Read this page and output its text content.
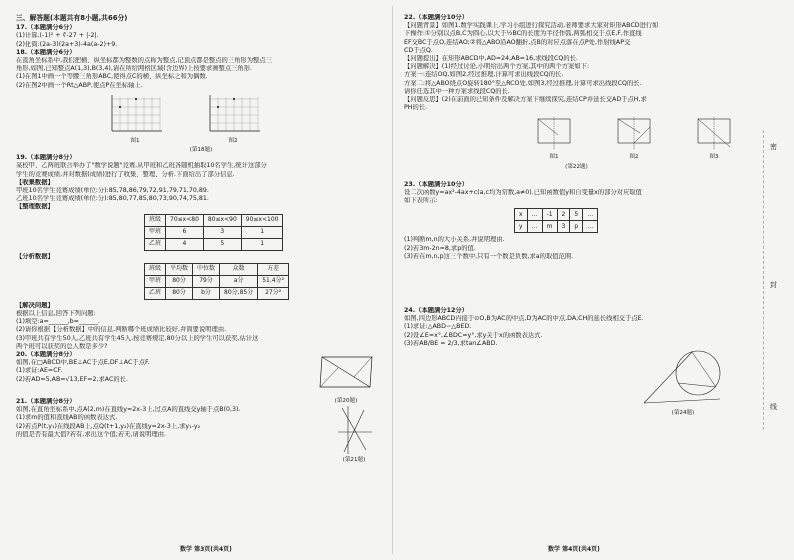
三、解答题(本题共有8小题,共66分)
17.（本题满分6分）
(1)计算,(-1)² + ∛-27 + |-2|.
(2)化简:(2a-3)(2a+3)-4a(a-2)+9.
18.（本题满分6分）
在直角坐标系中,我们把横、纵坐标都为整数的点称为整点,记顶点都是整点的三角形为整点三
角形,如图,已知整点A(1,3),B(3,4),请在所给网格区域(含边界)上按要求画整点三角形.
(1)在图1中画一个等腰三角形ABC,使得点C的横、纵坐标之和为偶数.
(2)在图2中画一个Rt△ABP,使点P在坐标轴上.
图1	图2
(第18题)
19.（本题满分8分）
某校甲、乙两班联合举办了"数学说题"竞赛,从甲班和乙班各随机抽取10名学生,统计这部分
学生的竞赛成绩,并对数据(成绩)进行了收集、整理、分析.下面给出了部分信息.
【收集数据】
甲班10名学生竞赛成绩(单位:分):85,78,86,79,72,91,79,71,70,89.
乙班10名学生竞赛成绩(单位:分):85,80,77,85,80,73,90,74,75,81.
【整理数据】
班级	70≤x<80	80≤x<90	90≤x<100
甲班	6	3	1
乙班	4	5	1
【分析数据】
班级	平均数	中位数	众数	方差
甲班	80分	79分	a分	51.4分²
乙班	80分	b分	80分,85分	27分²
【解决问题】
根据以上信息,回答下列问题:
(1)填空:a=______,b=______.
(2)请你根据【分析数据】中的信息,判断哪个班成绩比较好,并简要说明理由.
(3)甲班共有学生50人,乙班共有学生45人,按竞赛规定,80分以上的学生可以获奖,估计这
两个班可以获奖的总人数是多少?
20.（本题满分8分）
如图,在□ABCD中,BE⊥AC于点E,DF⊥AC于点F.
(1)求证:AE=CF.
(2)若AD=5,AB=√13,EF=2,求AC的长.
(第20题)
21.（本题满分8分）
如图,在直角坐标系中,点A(2,m)在直线y=2x-3上,过点A的直线交y轴于点B(0,3).
(1)求m的值和直线AB的函数表达式.
(2)若点P(t,y₁)在线段AB上,点Q(t+1,y₂)在直线y=2x-3上,求y₁-y₂
的值是否有最大值?若有,求出这个值;若无,请说明理由.
(第21题)
数学 第3页(共4页)
22.（本题满分10分）
【问题背景】如图1,数学实践课上,学习小组进行探究活动,老师要求大家对矩形ABCD进行如
下操作:①分别以点B,C为圆心,以大于½BC的长度为半径作弧,两弧相交于点E,F,作直线
EF交BC于点O,连结AO;②将△ABO沿AO翻折,点B的对应点落在点P处,作射线AP交
CD于点Q.
【问题提出】在矩形ABCD中,AD=24,AB=16,求线段CQ的长.
【问题解决】(1)经过讨论,小明给出两个方案,其中的两个方案如下:
方案一:连结OQ,如图2,经过推理,计算可求出线段CQ的长.
方案二:将△ABO绕点O旋转180°至△RCO处,如图3,经过推理,计算可求出线段CQ的长.
请你任选其中一种方案求线段CQ的长.
【问题反思】(2)在前面的已知条件及解决方案下继续探究,连结CP并延长交AD于点H,求
PH的长.
图1	图2	图3
(第22题)
23.（本题满分10分）
设二次函数y=ax²-4ax+c(a,c均为常数,a≠0).已知函数值y和自变量x的部分对应取值
如下表所示:
x	…	-1	2	5	…
y	…	m	3	p	…
(1)判断m,n的大小关系,并说明理由.
(2)若3m-2n=8,求p的值.
(3)若在m,n,p这三个数中,只有一个数是负数,求a的取值范围.
24.（本题满分12分）
如图,四边形ABCD内接于⊙O,B为AC的中点,D为AC的中点,DA,CH的延长线相交于点E.
(1)求证:△ABD∽△BED.
(2)设∠E=x°,∠BDC=y°,求y关于x的函数表达式.
(3)若AB/BE = 2/3,求tan∠ABD.
(第24题)
数学 第4页(共4页)
密
封
线
